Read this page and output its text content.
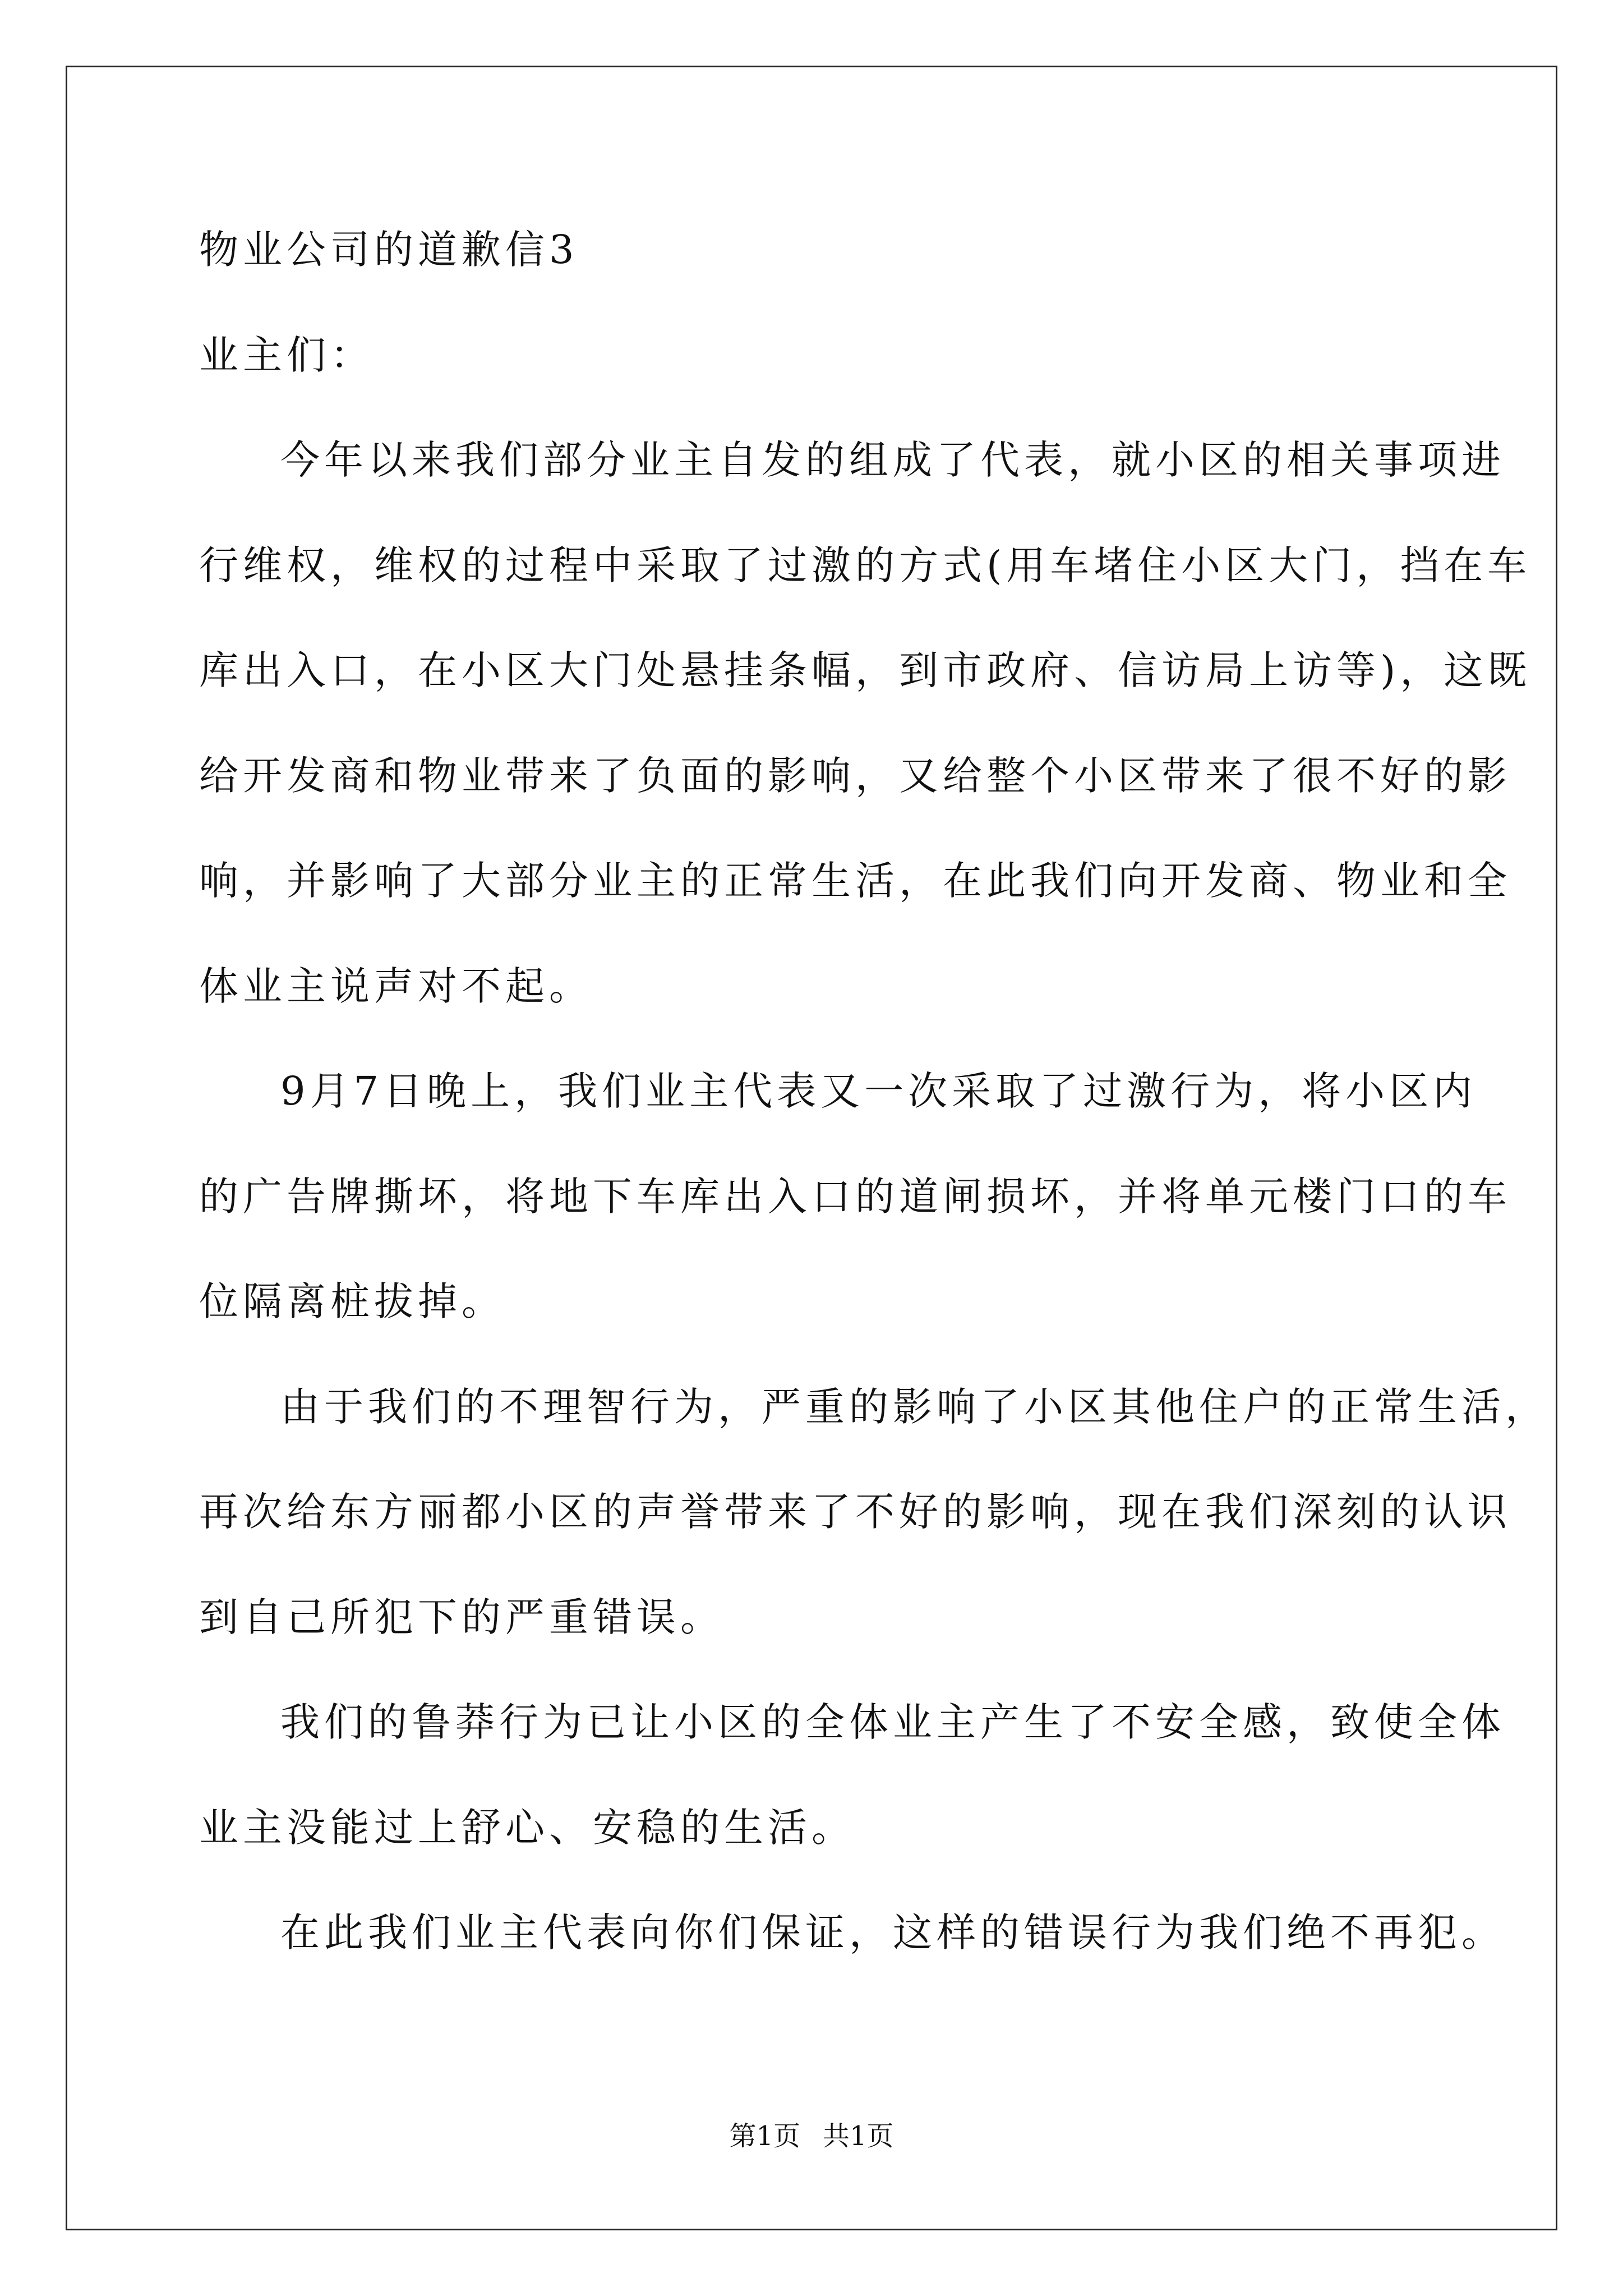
物业公司的道歉信3
业主们：
今年以来我们部分业主自发的组成了代表，就小区的相关事项进
行维权，维权的过程中采取了过激的方式(用车堵住小区大门，挡在车
库出入口，在小区大门处悬挂条幅，到市政府、信访局上访等)，这既
给开发商和物业带来了负面的影响，又给整个小区带来了很不好的影
响，并影响了大部分业主的正常生活，在此我们向开发商、物业和全
体业主说声对不起。
9月7日晚上，我们业主代表又一次采取了过激行为，将小区内
的广告牌撕坏，将地下车库出入口的道闸损坏，并将单元楼门口的车
位隔离桩拔掉。
由于我们的不理智行为，严重的影响了小区其他住户的正常生活，
再次给东方丽都小区的声誉带来了不好的影响，现在我们深刻的认识
到自己所犯下的严重错误。
我们的鲁莽行为已让小区的全体业主产生了不安全感，致使全体
业主没能过上舒心、安稳的生活。
在此我们业主代表向你们保证，这样的错误行为我们绝不再犯。
第1页 共1页
